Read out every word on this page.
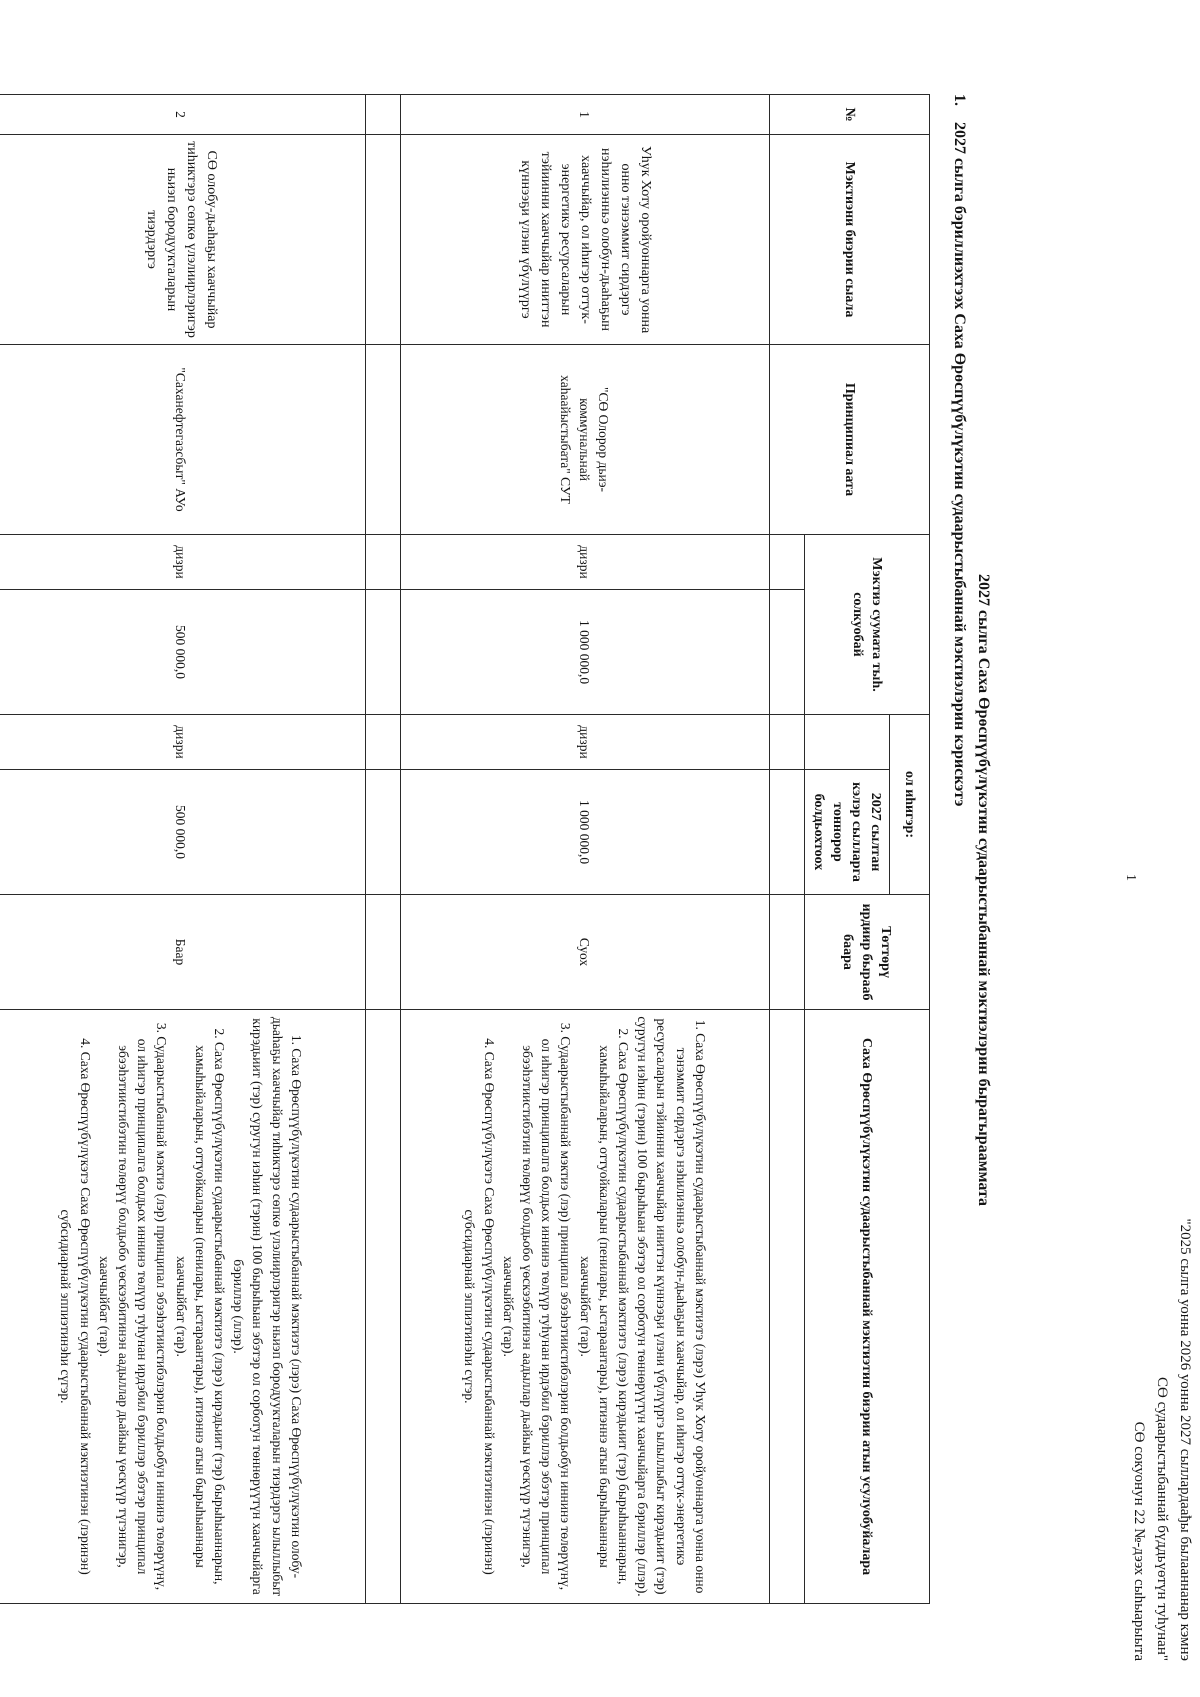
1
"2025 сылга уонна 2026 уонна 2027 сыллардаађы былааннанар кэмнэ
СӨ судаарыстыбаннай бүддьүөтүн туһунан"
СӨ сокуонун 22 №-дээх сыһыарыыта
2027 сылга Саха Өрөспүүбүлүкэтин судаарыстыбаннай мэктиэлэрин бырагырааммата
1.2027 сылга бэриллиэхтээх Саха Өрөспүүбүлүкэтин судаарыстыбаннай мэктиэлэрин кэрискэтэ
№	Мэктиэни биэрии сыала	Принципиал аата	Мэктиэ суумата тыһ. солкуобай		ол иһигэр:		Төттөрү ирдиир бырааб баара	Саха Өрөспүүбүлүкэтин судаарыстыбаннай мэктиэтин биэрии атын усулуобуйалара
						2027 сылтан кэлэр сылларга тоннорор болдьохтоох		

1	Уһук Хоту оройуоннарга уонна онно тэнээммит сирдэргэ нэһилиэнньэ олобун-дьаһаҕын хааччыйар, ол иһигэр оттук-энергетикэ ресурсаларын тэйиинни хааччыйар иниттэн күннээҕи үлэни үбүлүүргэ	"СӨ Олорор дьиэ-коммунальнай хаһаайыстыбата" СУТ	дизри	1 000 000,0	дизри	1 000 000,0	Суох	1. Саха Өрөспүүбүлүкэтин судаарыстыбаннай мэктиэтэ (лэрэ) Уһук Хоту оройуоннарга уонна онно тэнэммит сирдэргэ нэһилиэнньэ олобун-дьаһаҕын хааччыйар, ол иһигэр оттук-энергетикэ ресурсаларын тэйиинни хааччыйар иниттэн күннээҕи үлэни үбүлүүргэ ылыллыбыт кирэдьиит (тэр) суругун иэһин (тэрин) 100 бырыһыан эбэтэр ол сорботун төннөрүүтүн хааччыйарга бэриллэр (ллэр).
2. Саха Өрөспүүбүлүкэтин судаарыстыбаннай мэктиэтэ (лэрэ) кирэдьиит (тэр) бырыһыаннарын, хамыһыйаларын, оттуойкаларын (пенилары, ыстараантары), итиэннэ атын бырыһыаннары хааччыйбат (тар).
3. Судаарыстыбаннай мэктиэ (лэр) принципал эбээһэтиистибэлэрин болдьобун иннинэ төлөрүүнү, ол иһигэр принципалга болдьох иннинэ төлүүр туһунан ирдэбил бэриллэр эбэтэр принципал эбээһэтиистибэтин төлөрүү болдьобо үөскээбитинэн аадыллар дьайыы үөскүүр түгэнигэр, хааччыйбат (тар).
4. Саха Өрөспүүбүлүкэтэ Саха Өрөспүүбүлүкэтин судаарыстыбаннай мэктиэтинэн (лэринэн) субсидиарнай эппиэтинэһи сүгэр.

2	СӨ олобу-дьаһаҕы хааччыйар тиһиктэрэ сөпкө үлэлиирлэригэр ньиэп бородуукталарын тиэрдэргэ	"Саханефтегазсбыт" АУо	дизри	500 000,0	дизри	500 000,0	Баар	1. Саха Өрөспүүбүлүкэтин судаарыстыбаннай мэктиэтэ (лэрэ) Саха Өрөспүүбүлүкэтин олобу-дьаһаҕы хааччыйар тиһиктэрэ сөпкө үлэлиирлэригэр ньиэп бородуукталарын тиэрдэргэ ылыллыбыт кирэдьиит (тэр) суругун иэһин (тэрин) 100 бырыһыан эбэтэр ол сорботун төннөрүүтүн хааччыйарга бэриллэр (ллэр).
2. Саха Өрөспүүбүлүкэтин судаарыстыбаннай мэктиэтэ (лэрэ) кирэдьиит (тэр) бырыһыаннарын, хамыһыйаларын, оттуойкаларын (пенилары, ыстараантары), итиэннэ атын бырыһыаннары хааччыйбат (тар).
3. Судаарыстыбаннай мэктиэ (лэр) принципал эбээһэтиистибэлэрин болдьобун иннинэ төлөрүүнү, ол иһигэр принципалга болдьох иннинэ төлүүр туһунан ирдэбил бэриллэр эбэтэр принципал эбээһэтиистибэтин төлөрүү болдьобо үөскээбитинэн аадыллар дьайыы үөскүүр түгэнигэр, хааччыйбат (тар).
4. Саха Өрөспүүбүлүкэтэ Саха Өрөспүүбүлүкэтин судаарыстыбаннай мэктиэтинэн (лэринэн) субсидиарнай эппиэтинэһи сүгэр.
